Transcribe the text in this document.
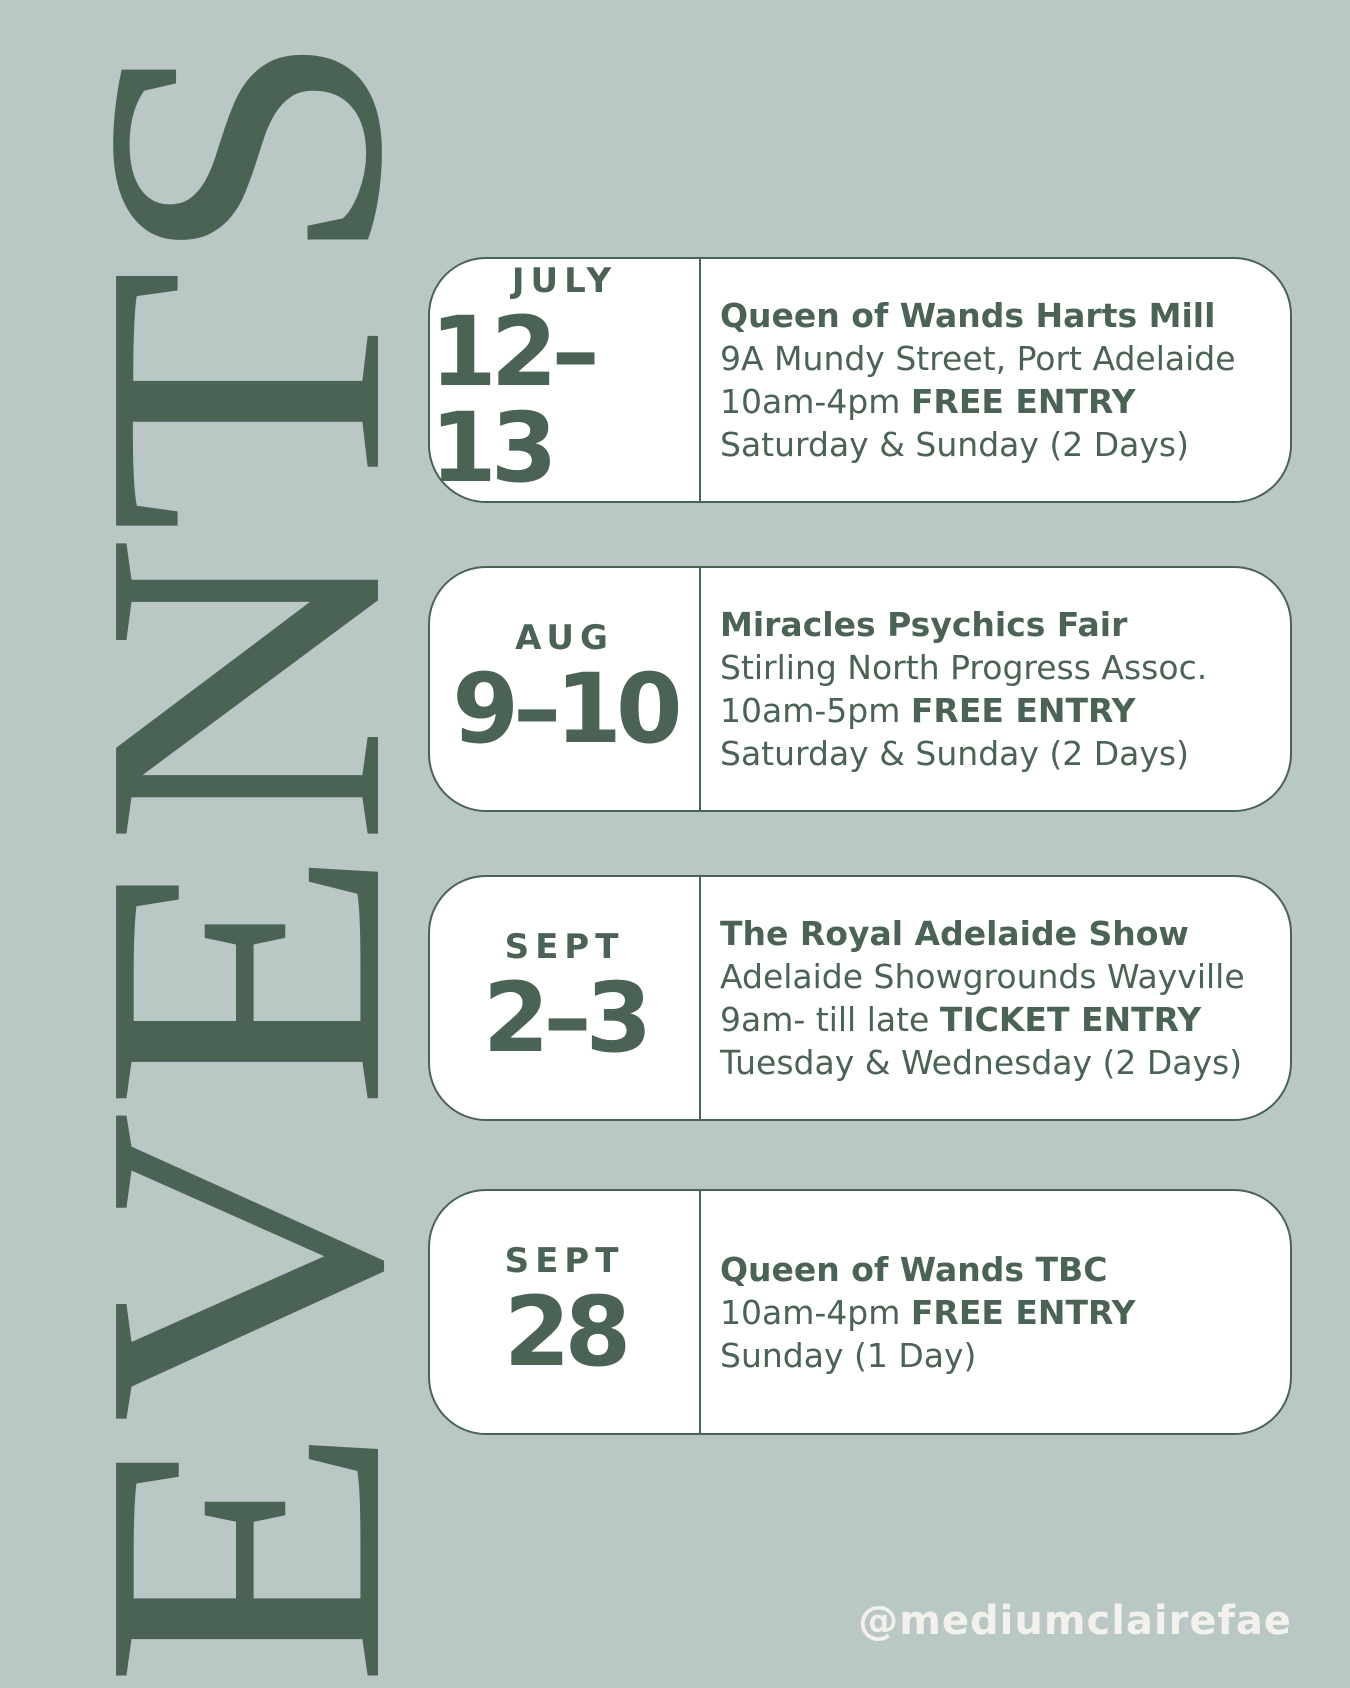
EVENTS JULY
12–13
Queen of Wands Harts Mill
9A Mundy Street, Port Adelaide
10am-4pm FREE ENTRY
Saturday & Sunday (2 Days)
AUG
9–10
Miracles Psychics Fair
Stirling North Progress Assoc.
10am-5pm FREE ENTRY
Saturday & Sunday (2 Days)
SEPT
2–3
The Royal Adelaide Show
Adelaide Showgrounds Wayville
9am- till late TICKET ENTRY
Tuesday & Wednesday (2 Days)
SEPT
28
Queen of Wands TBC
10am-4pm FREE ENTRY
Sunday (1 Day)
@mediumclairefae
